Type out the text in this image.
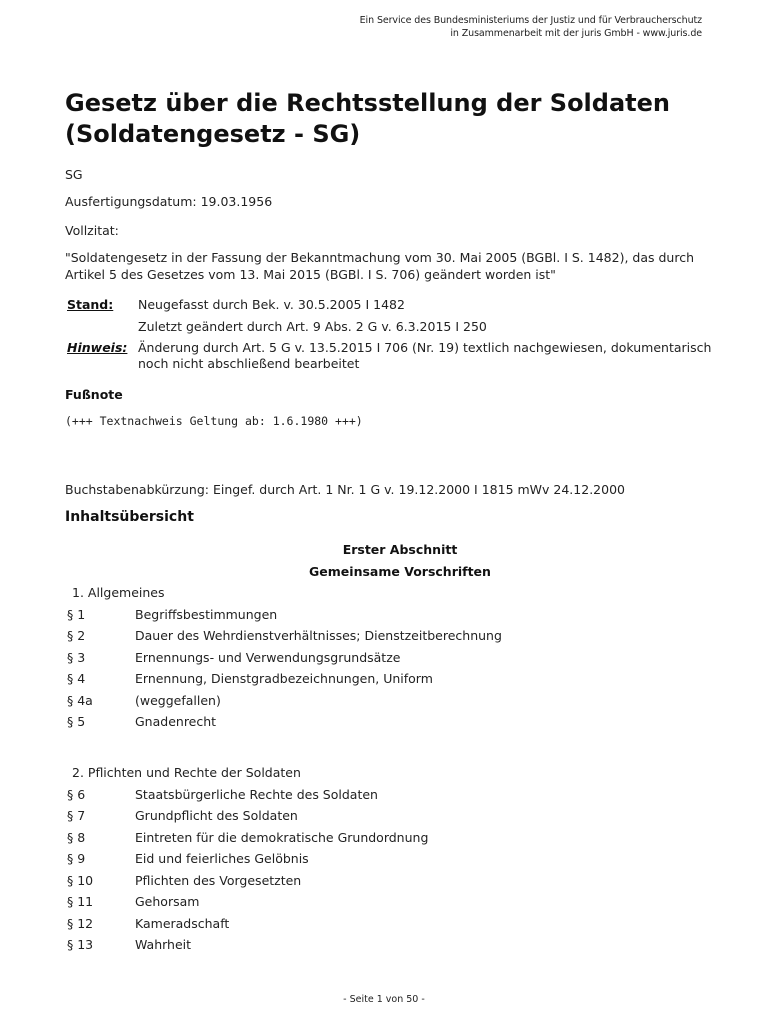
Ein Service des Bundesministeriums der Justiz und für Verbraucherschutz
in Zusammenarbeit mit der juris GmbH - www.juris.de
Gesetz über die Rechtsstellung der Soldaten (Soldatengesetz - SG)
SG
Ausfertigungsdatum: 19.03.1956
Vollzitat:
"Soldatengesetz in der Fassung der Bekanntmachung vom 30. Mai 2005 (BGBl. I S. 1482), das durch Artikel 5 des Gesetzes vom 13. Mai 2015 (BGBl. I S. 706) geändert worden ist"
Stand: Neugefasst durch Bek. v. 30.5.2005 I 1482
Zuletzt geändert durch Art. 9 Abs. 2 G v. 6.3.2015 I 250
Hinweis: Änderung durch Art. 5 G v. 13.5.2015 I 706 (Nr. 19) textlich nachgewiesen, dokumentarisch noch nicht abschließend bearbeitet
Fußnote
(+++ Textnachweis Geltung ab: 1.6.1980 +++)
Buchstabenabkürzung: Eingef. durch Art. 1 Nr. 1 G v. 19.12.2000 I 1815 mWv 24.12.2000
Inhaltsübersicht
Erster Abschnitt
Gemeinsame Vorschriften
1. Allgemeines
§ 1	Begriffsbestimmungen
§ 2	Dauer des Wehrdienstverhältnisses; Dienstzeitberechnung
§ 3	Ernennungs- und Verwendungsgrundsätze
§ 4	Ernennung, Dienstgradbezeichnungen, Uniform
§ 4a	(weggefallen)
§ 5	Gnadenrecht
2. Pflichten und Rechte der Soldaten
§ 6	Staatsbürgerliche Rechte des Soldaten
§ 7	Grundpflicht des Soldaten
§ 8	Eintreten für die demokratische Grundordnung
§ 9	Eid und feierliches Gelöbnis
§ 10	Pflichten des Vorgesetzten
§ 11	Gehorsam
§ 12	Kameradschaft
§ 13	Wahrheit
- Seite 1 von 50 -
